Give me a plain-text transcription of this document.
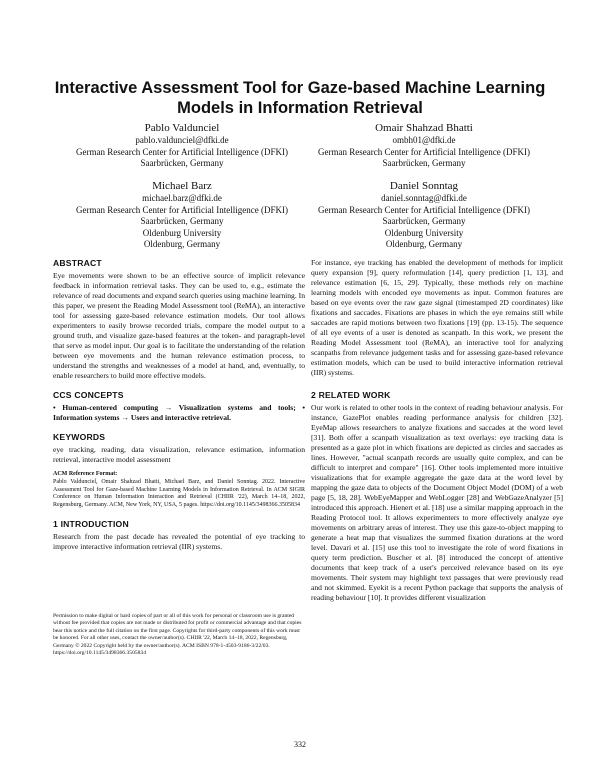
Interactive Assessment Tool for Gaze-based Machine Learning Models in Information Retrieval
Pablo Valdunciel
pablo.valdunciel@dfki.de
German Research Center for Artificial Intelligence (DFKI)
Saarbrücken, Germany
Omair Shahzad Bhatti
ombh01@dfki.de
German Research Center for Artificial Intelligence (DFKI)
Saarbrücken, Germany
Michael Barz
michael.barz@dfki.de
German Research Center for Artificial Intelligence (DFKI)
Saarbrücken, Germany
Oldenburg University
Oldenburg, Germany
Daniel Sonntag
daniel.sonntag@dfki.de
German Research Center for Artificial Intelligence (DFKI)
Saarbrücken, Germany
Oldenburg University
Oldenburg, Germany
ABSTRACT

Eye movements were shown to be an effective source of implicit relevance feedback in information retrieval tasks. They can be used to, e.g., estimate the relevance of read documents and expand search queries using machine learning. In this paper, we present the Reading Model Assessment tool (ReMA), an interactive tool for assessing gaze-based relevance estimation models. Our tool allows experimenters to easily browse recorded trials, compare the model output to a ground truth, and visualize gaze-based features at the token- and paragraph-level that serve as model input. Our goal is to facilitate the understanding of the relation between eye movements and the human relevance estimation process, to understand the strengths and weaknesses of a model at hand, and, eventually, to enable researchers to build more effective models.

CCS CONCEPTS

• Human-centered computing → Visualization systems and tools; • Information systems → Users and interactive retrieval.

KEYWORDS

eye tracking, reading, data visualization, relevance estimation, information retrieval, interactive model assessment

ACM Reference Format:

Pablo Valdunciel, Omair Shahzad Bhatti, Michael Barz, and Daniel Sonntag. 2022. Interactive Assessment Tool for Gaze-based Machine Learning Models in Information Retrieval. In ACM SIGIR Conference on Human Information Interaction and Retrieval (CHIIR '22), March 14–18, 2022, Regensburg, Germany. ACM, New York, NY, USA, 5 pages. https://doi.org/10.1145/3498366.3505834

1 INTRODUCTION

Research from the past decade has revealed the potential of eye tracking to improve interactive information retrieval (IIR) systems.

Permission to make digital or hard copies of part or all of this work for personal or classroom use is granted without fee provided that copies are not made or distributed for profit or commercial advantage and that copies bear this notice and the full citation on the first page. Copyrights for third-party components of this work must be honored. For all other uses, contact the owner/author(s). CHIIR '22, March 14–18, 2022, Regensburg, Germany © 2022 Copyright held by the owner/author(s). ACM ISBN 978-1-4503-9186-3/22/03. https://doi.org/10.1145/3498366.3505834

For instance, eye tracking has enabled the development of methods for implicit query expansion [9], query reformulation [14], query prediction [1, 13], and relevance estimation [6, 15, 29]. Typically, these methods rely on machine learning models with encoded eye movements as input. Common features are based on eye events over the raw gaze signal (timestamped 2D coordinates) like fixations and saccades. Fixations are phases in which the eye remains still while saccades are rapid motions between two fixations [19] (pp. 13-15). The sequence of all eye events of a user is denoted as scanpath. In this work, we present the Reading Model Assessment tool (ReMA), an interactive tool for analyzing scanpaths from relevance judgement tasks and for assessing gaze-based relevance estimation models, which can be used to build interactive information retrieval (IIR) systems.

2 RELATED WORK

Our work is related to other tools in the context of reading behaviour analysis. For instance, GazePlot enables reading performance analysis for children [32]. EyeMap allows researchers to analyze fixations and saccades at the word level [31]. Both offer a scanpath visualization as text overlays: eye tracking data is presented as a gaze plot in which fixations are depicted as circles and saccades as lines. However, "actual scanpath records are usually quite complex, and can be difficult to interpret and compare" [16]. Other tools implemented more intuitive visualizations that for example aggregate the gaze data at the word level by mapping the gaze data to objects of the Document Object Model (DOM) of a web page [5, 18, 28]. WebEyeMapper and WebLogger [28] and WebGazeAnalyzer [5] introduced this approach. Hienert et al. [18] use a similar mapping approach in the Reading Protocol tool. It allows experimenters to more effectively analyze eye movements on arbitrary areas of interest. They use this gaze-to-object mapping to generate a heat map that visualizes the summed fixation durations at the word level. Davari et al. [15] use this tool to investigate the role of word fixations in query term prediction. Buscher et al. [8] introduced the concept of attentive documents that keep track of a user's perceived relevance based on its eye movements. Their system may highlight text passages that were previously read and not skimmed. Eyekit is a recent Python package that supports the analysis of reading behaviour [10]. It provides different visualization

332
